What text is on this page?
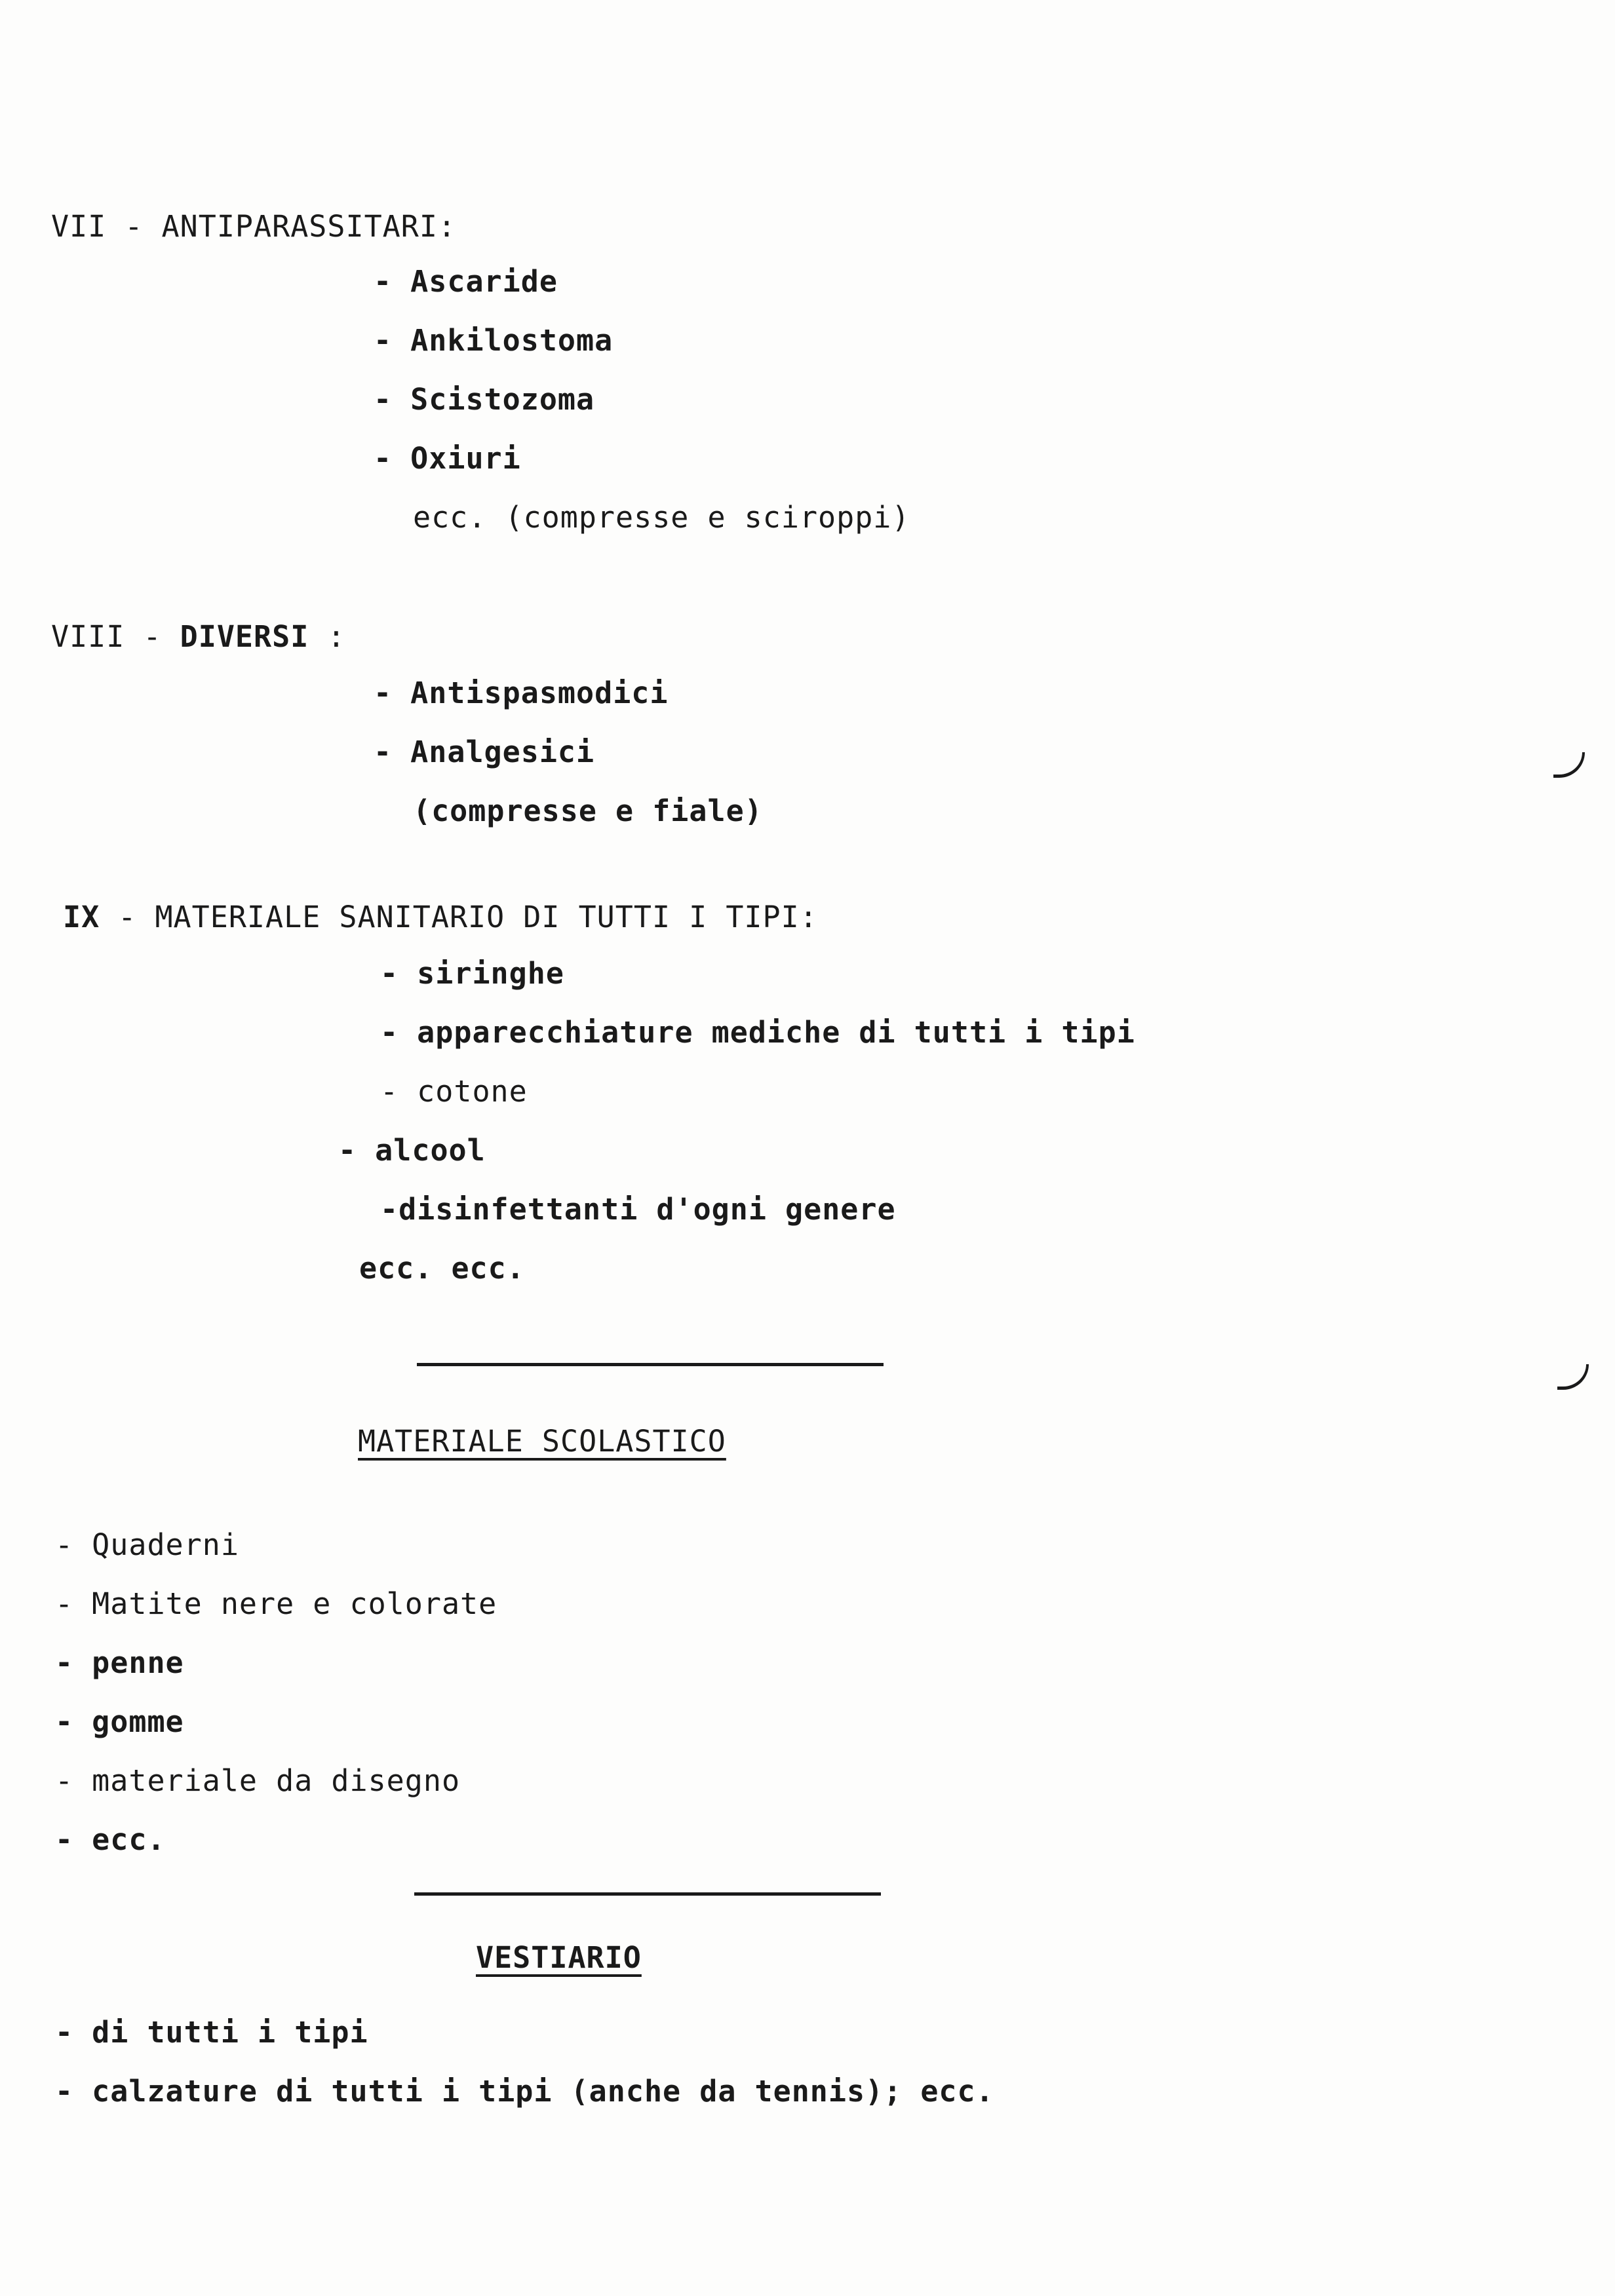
VII - ANTIPARASSITARI:
- Ascaride
- Ankilostoma
- Scistozoma
- Oxiuri
ecc. (compresse e sciroppi)
VIII - DIVERSI :
- Antispasmodici
- Analgesici
(compresse e fiale)
IX - MATERIALE SANITARIO DI TUTTI I TIPI:
- siringhe
- apparecchiature mediche di tutti i tipi
- cotone
- alcool
-disinfettanti d'ogni genere
ecc. ecc.
MATERIALE SCOLASTICO
- Quaderni
- Matite nere e colorate
- penne
- gomme
- materiale da disegno
- ecc.
VESTIARIO
- di tutti i tipi
- calzature di tutti i tipi (anche da tennis); ecc.
